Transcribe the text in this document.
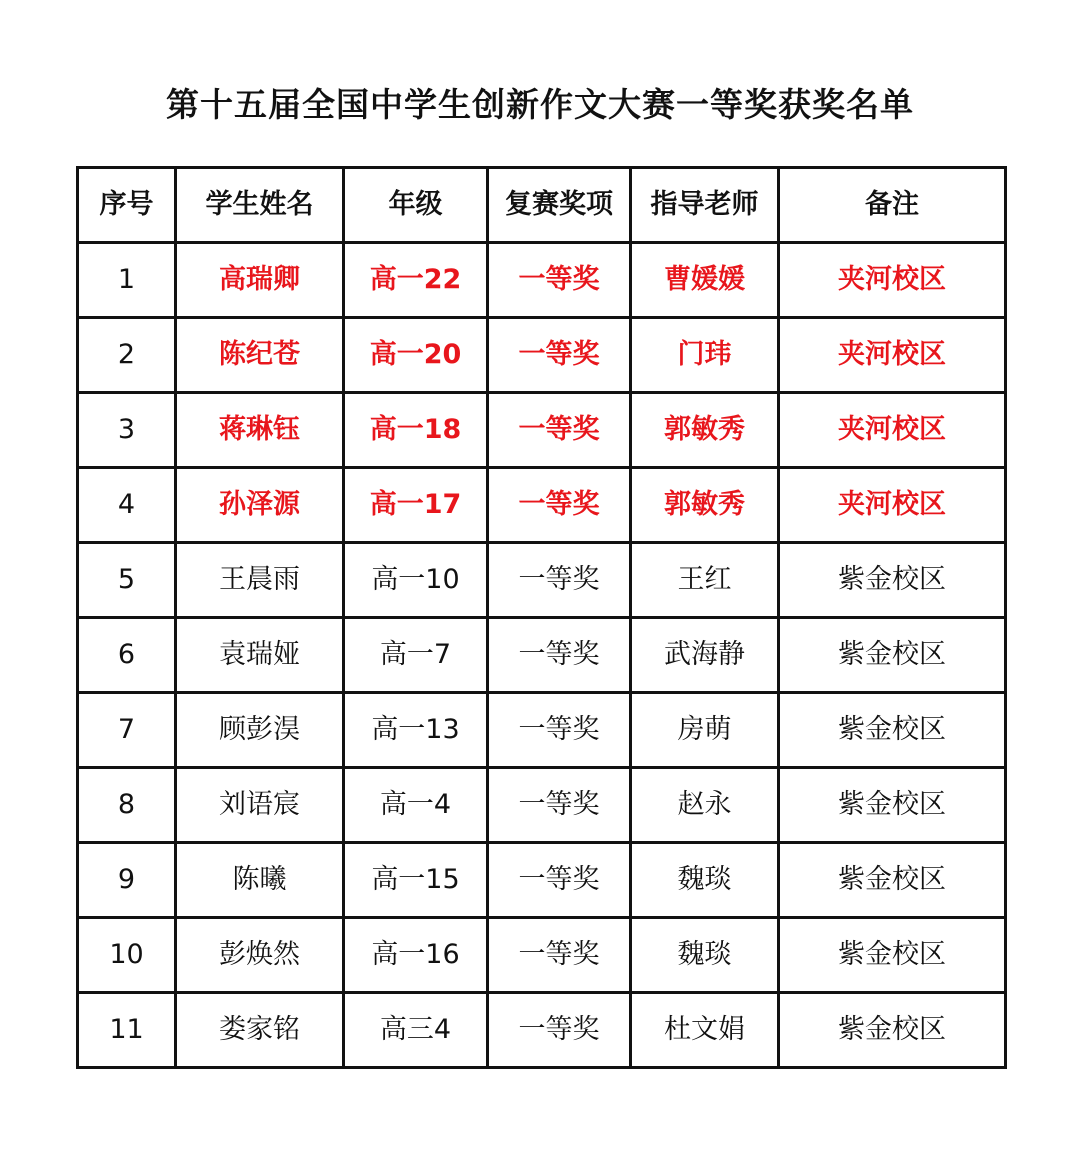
第十五届全国中学生创新作文大赛一等奖获奖名单
序号	学生姓名	年级	复赛奖项	指导老师	备注
1	高瑞卿	高一22	一等奖	曹媛媛	夹河校区
2	陈纪苍	高一20	一等奖	门玮	夹河校区
3	蒋琳钰	高一18	一等奖	郭敏秀	夹河校区
4	孙泽源	高一17	一等奖	郭敏秀	夹河校区
5	王晨雨	高一10	一等奖	王红	紫金校区
6	袁瑞娅	高一7	一等奖	武海静	紫金校区
7	顾彭淏	高一13	一等奖	房萌	紫金校区
8	刘语宸	高一4	一等奖	赵永	紫金校区
9	陈曦	高一15	一等奖	魏琰	紫金校区
10	彭焕然	高一16	一等奖	魏琰	紫金校区
11	娄家铭	高三4	一等奖	杜文娟	紫金校区
